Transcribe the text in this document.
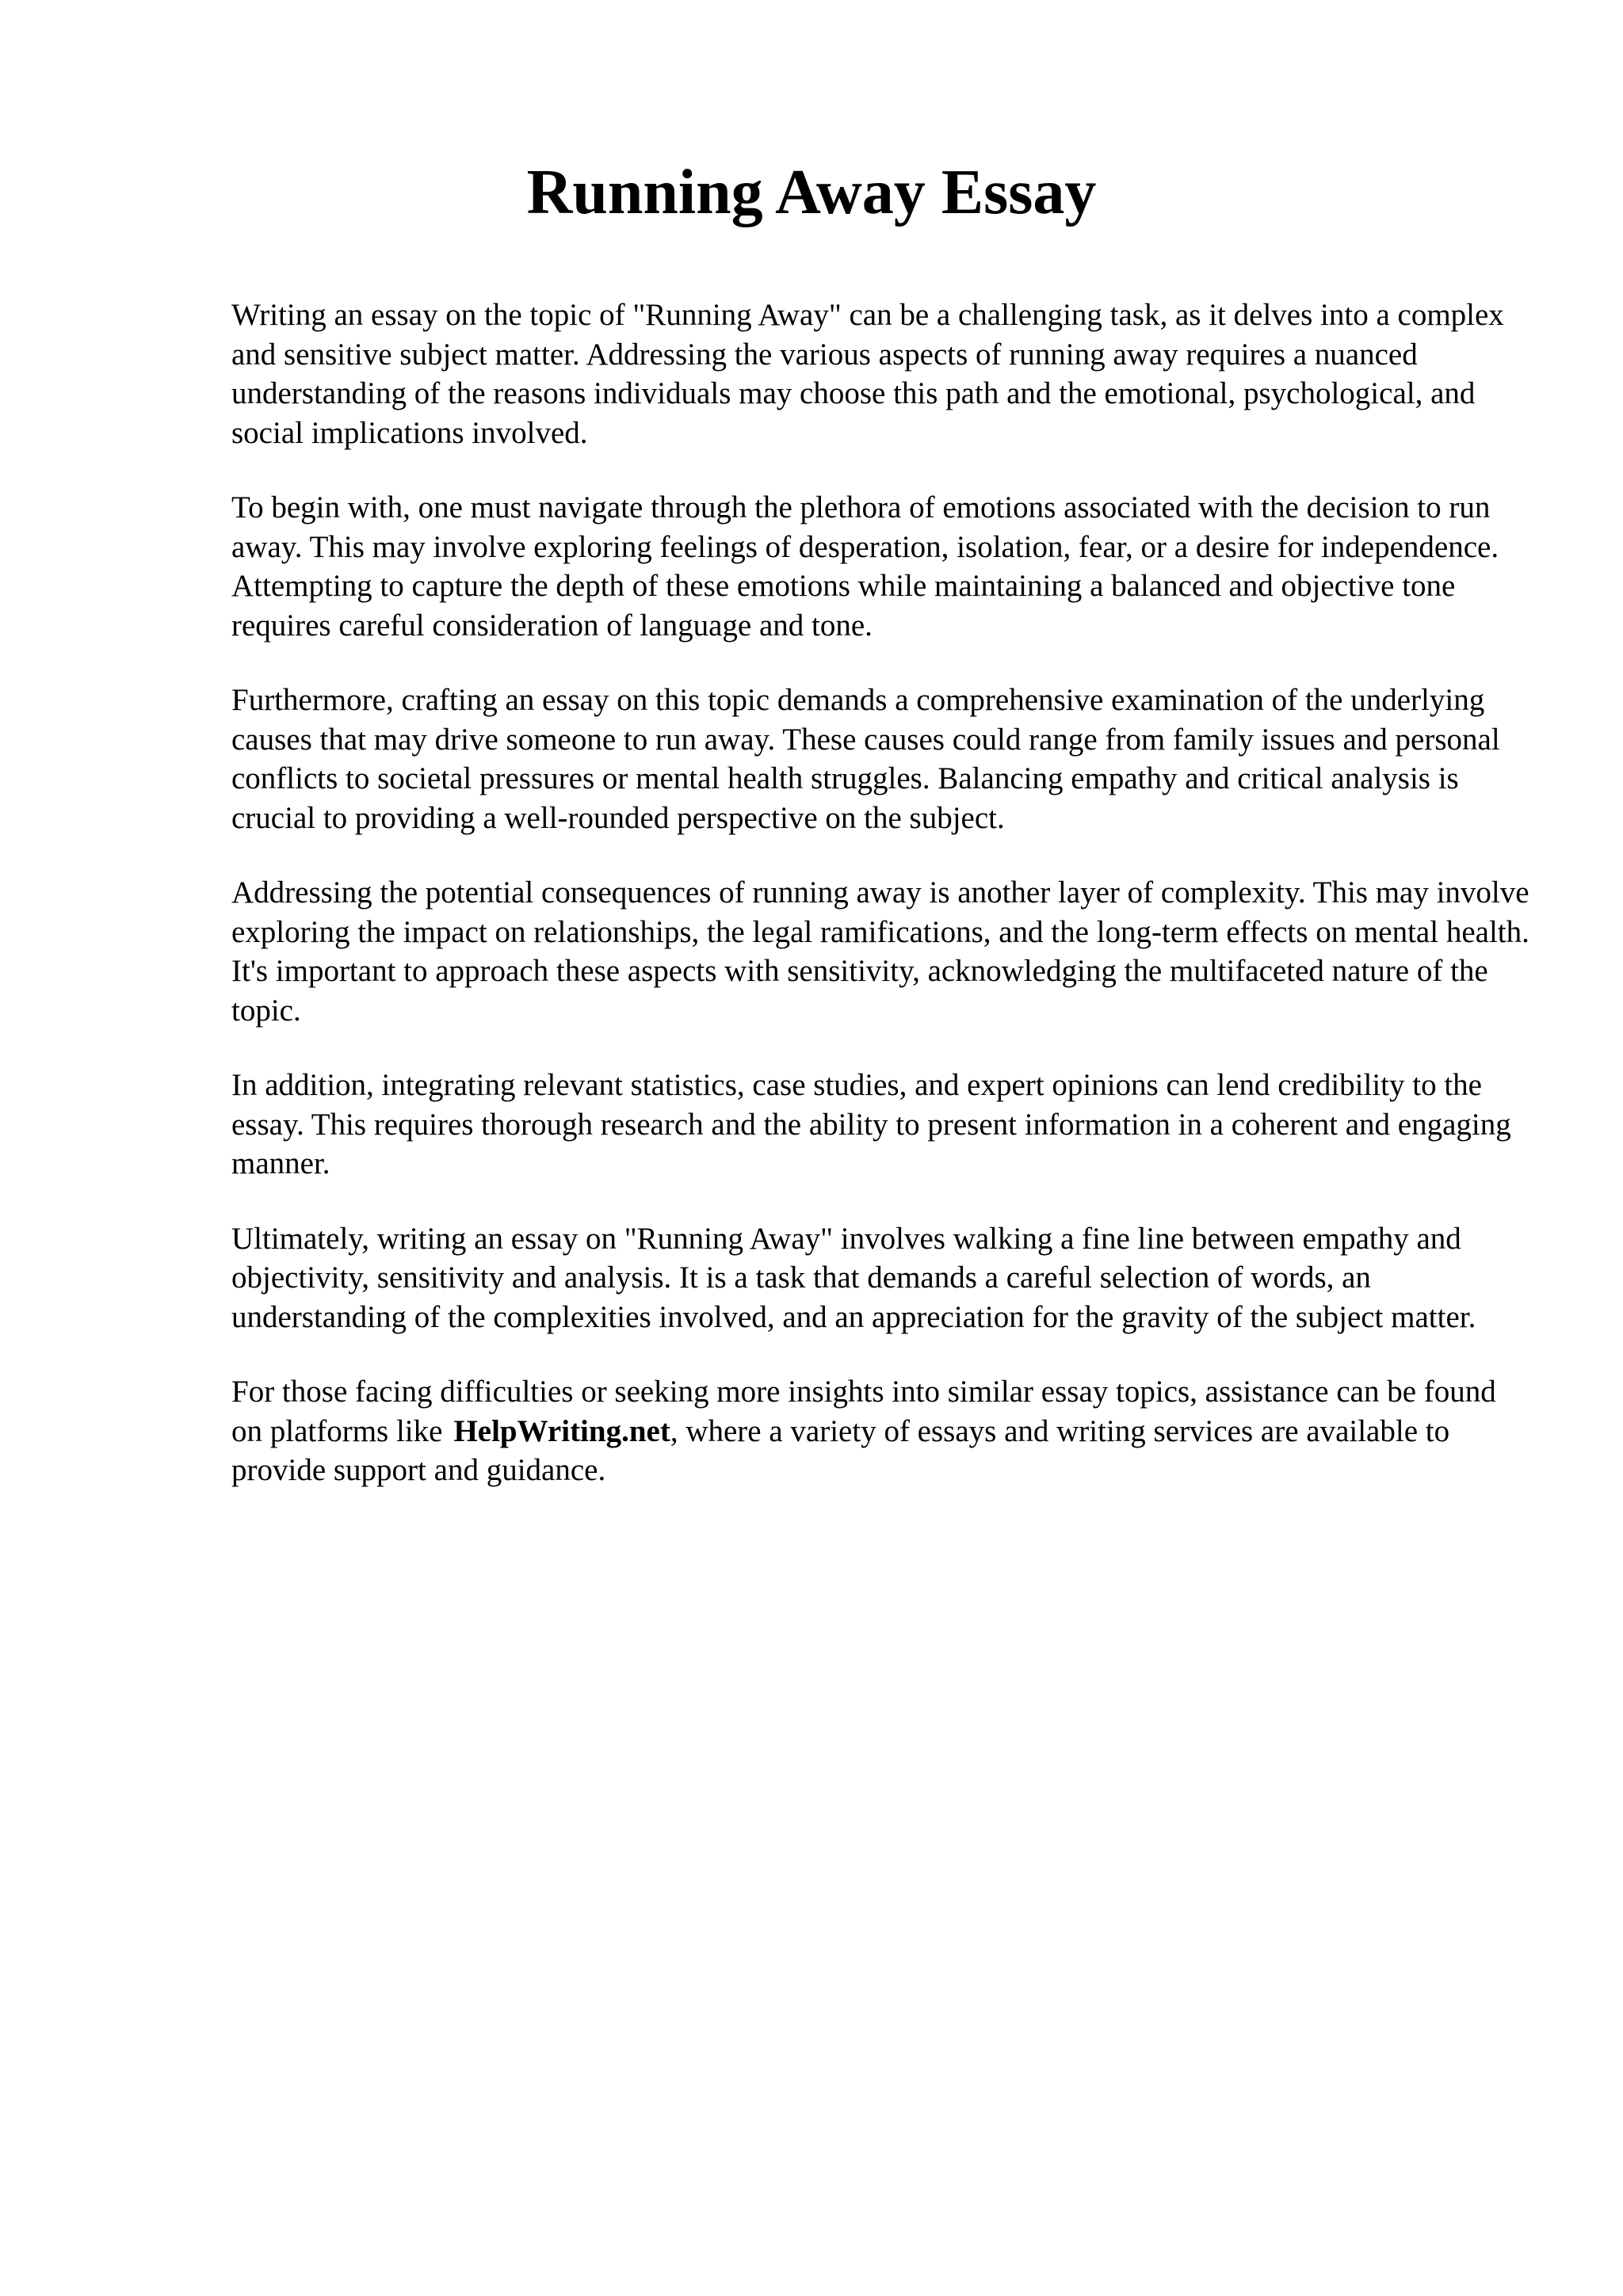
Running Away Essay

Writing an essay on the topic of "Running Away" can be a challenging task, as it delves into a complex and sensitive subject matter. Addressing the various aspects of running away requires a nuanced understanding of the reasons individuals may choose this path and the emotional, psychological, and social implications involved.

To begin with, one must navigate through the plethora of emotions associated with the decision to run away. This may involve exploring feelings of desperation, isolation, fear, or a desire for independence. Attempting to capture the depth of these emotions while maintaining a balanced and objective tone requires careful consideration of language and tone.

Furthermore, crafting an essay on this topic demands a comprehensive examination of the underlying causes that may drive someone to run away. These causes could range from family issues and personal conflicts to societal pressures or mental health struggles. Balancing empathy and critical analysis is crucial to providing a well-rounded perspective on the subject.

Addressing the potential consequences of running away is another layer of complexity. This may involve exploring the impact on relationships, the legal ramifications, and the long-term effects on mental health. It's important to approach these aspects with sensitivity, acknowledging the multifaceted nature of the topic.

In addition, integrating relevant statistics, case studies, and expert opinions can lend credibility to the essay. This requires thorough research and the ability to present information in a coherent and engaging manner.

Ultimately, writing an essay on "Running Away" involves walking a fine line between empathy and objectivity, sensitivity and analysis. It is a task that demands a careful selection of words, an understanding of the complexities involved, and an appreciation for the gravity of the subject matter.

For those facing difficulties or seeking more insights into similar essay topics, assistance can be found on platforms like HelpWriting.net, where a variety of essays and writing services are available to provide support and guidance.
